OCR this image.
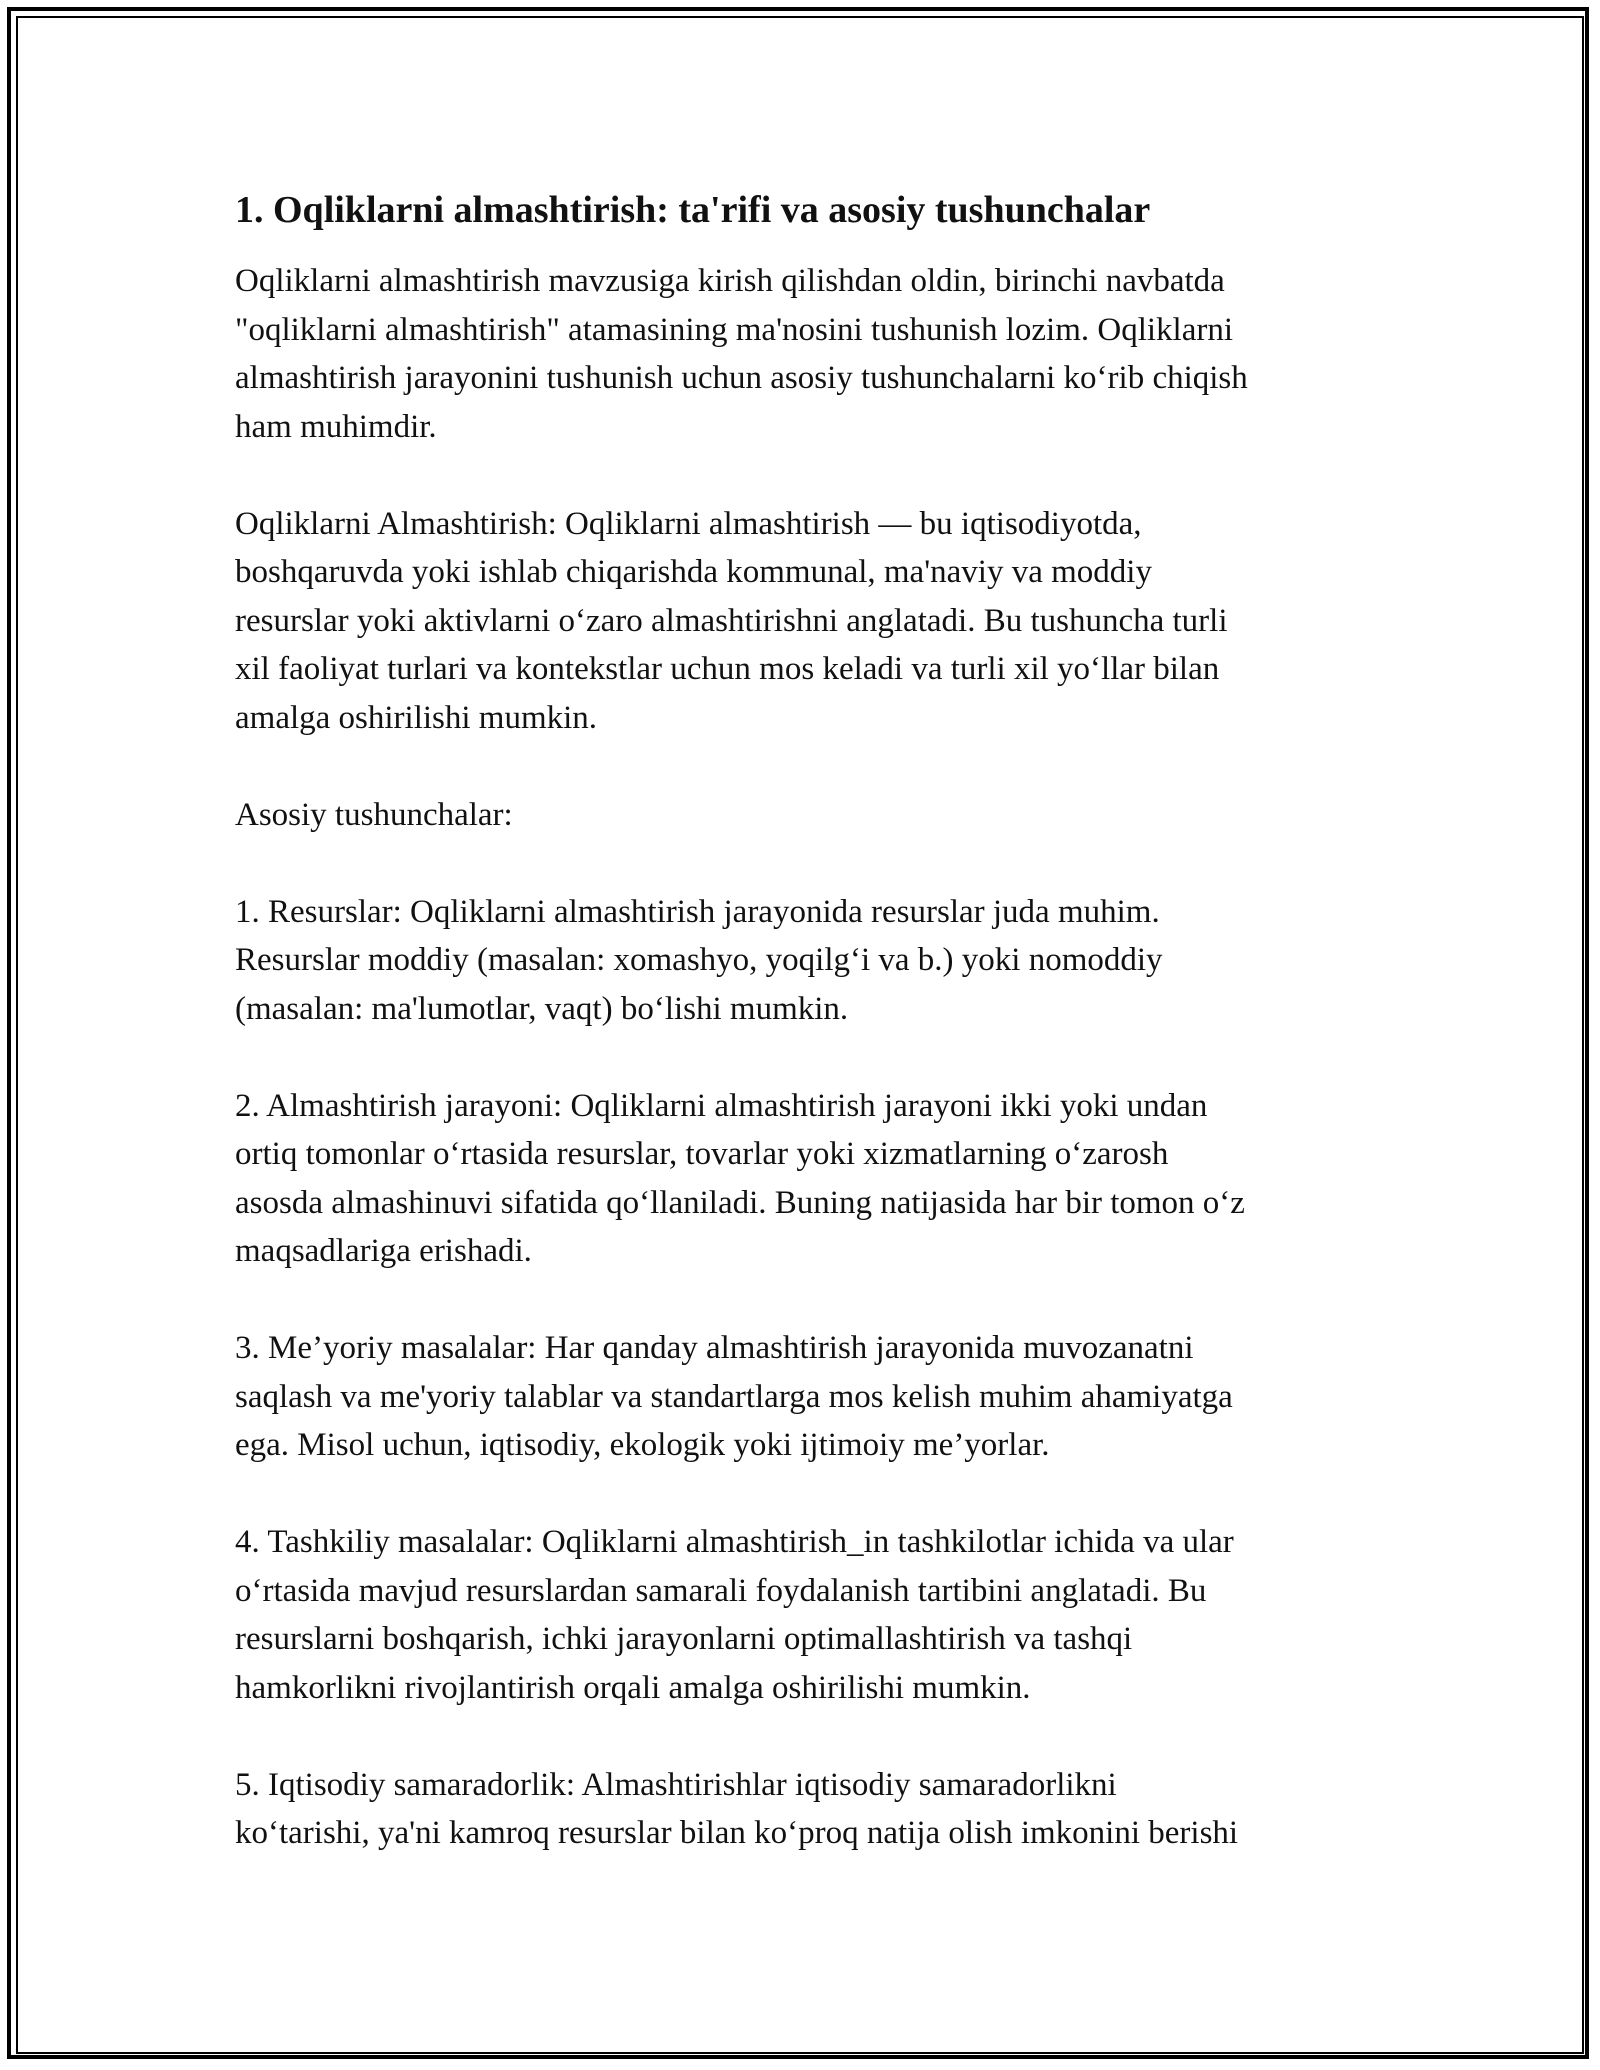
1. Oqliklarni almashtirish: ta'rifi va asosiy tushunchalar

Oqliklarni almashtirish mavzusiga kirish qilishdan oldin, birinchi navbatda
"oqliklarni almashtirish" atamasining ma'nosini tushunish lozim. Oqliklarni
almashtirish jarayonini tushunish uchun asosiy tushunchalarni ko‘rib chiqish
ham muhimdir.

Oqliklarni Almashtirish: Oqliklarni almashtirish — bu iqtisodiyotda,
boshqaruvda yoki ishlab chiqarishda kommunal, ma'naviy va moddiy
resurslar yoki aktivlarni o‘zaro almashtirishni anglatadi. Bu tushuncha turli
xil faoliyat turlari va kontekstlar uchun mos keladi va turli xil yo‘llar bilan
amalga oshirilishi mumkin.

Asosiy tushunchalar:

1. Resurslar: Oqliklarni almashtirish jarayonida resurslar juda muhim.
Resurslar moddiy (masalan: xomashyo, yoqilg‘i va b.) yoki nomoddiy
(masalan: ma'lumotlar, vaqt) bo‘lishi mumkin.

2. Almashtirish jarayoni: Oqliklarni almashtirish jarayoni ikki yoki undan
ortiq tomonlar o‘rtasida resurslar, tovarlar yoki xizmatlarning o‘zarosh
asosda almashinuvi sifatida qo‘llaniladi. Buning natijasida har bir tomon o‘z
maqsadlariga erishadi.

3. Me’yoriy masalalar: Har qanday almashtirish jarayonida muvozanatni
saqlash va me'yoriy talablar va standartlarga mos kelish muhim ahamiyatga
ega. Misol uchun, iqtisodiy, ekologik yoki ijtimoiy me’yorlar.

4. Tashkiliy masalalar: Oqliklarni almashtirish_in tashkilotlar ichida va ular
o‘rtasida mavjud resurslardan samarali foydalanish tartibini anglatadi. Bu
resurslarni boshqarish, ichki jarayonlarni optimallashtirish va tashqi
hamkorlikni rivojlantirish orqali amalga oshirilishi mumkin.

5. Iqtisodiy samaradorlik: Almashtirishlar iqtisodiy samaradorlikni
ko‘tarishi, ya'ni kamroq resurslar bilan ko‘proq natija olish imkonini berishi
